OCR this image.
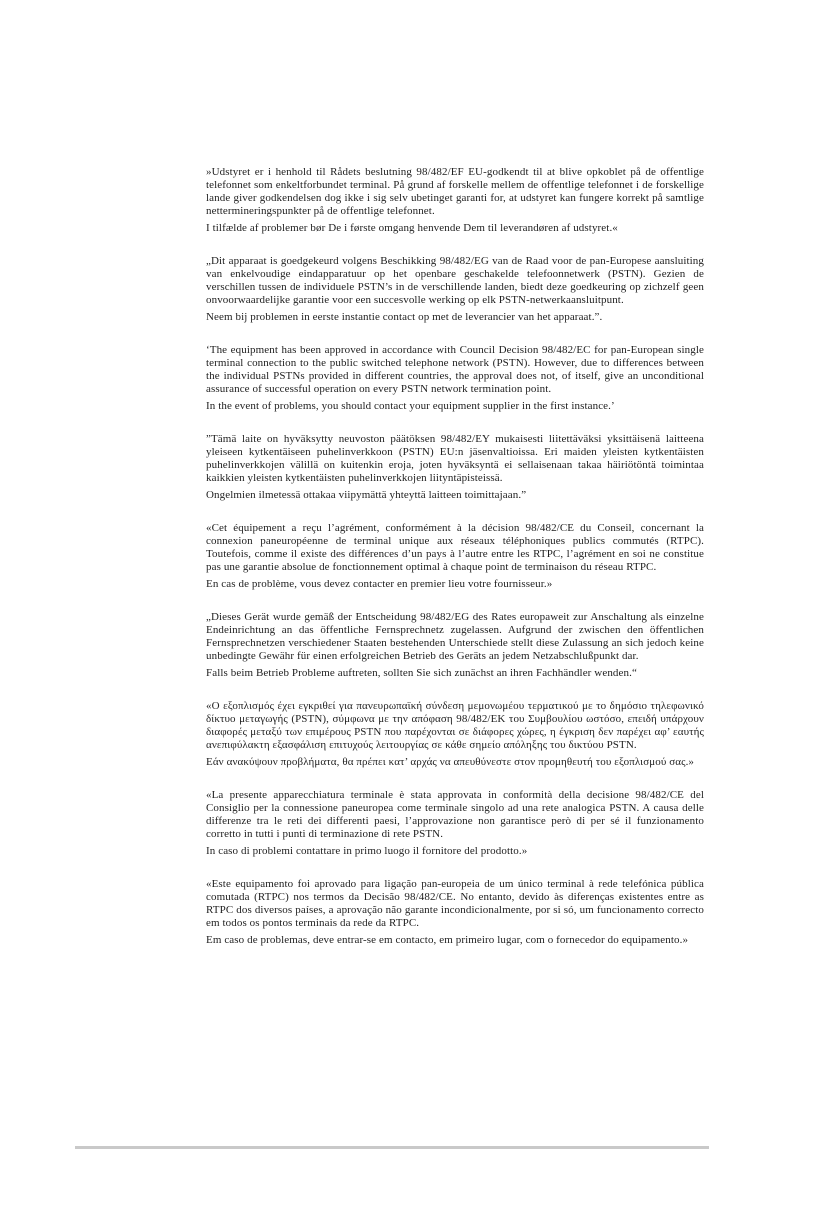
»Udstyret er i henhold til Rådets beslutning 98/482/EF EU-godkendt til at blive opkoblet på de offentlige telefonnet som enkeltforbundet terminal. På grund af forskelle mellem de offentlige telefonnet i de forskellige lande giver godkendelsen dog ikke i sig selv ubetinget garanti for, at udstyret kan fungere korrekt på samtlige nettermineringspunkter på de offentlige telefonnet.

I tilfælde af problemer bør De i første omgang henvende Dem til leverandøren af udstyret.«

„Dit apparaat is goedgekeurd volgens Beschikking 98/482/EG van de Raad voor de pan-Europese aansluiting van enkelvoudige eindapparatuur op het openbare geschakelde telefoonnetwerk (PSTN). Gezien de verschillen tussen de individuele PSTN’s in de verschillende landen, biedt deze goedkeuring op zichzelf geen onvoorwaardelijke garantie voor een succesvolle werking op elk PSTN-netwerkaansluitpunt.

Neem bij problemen in eerste instantie contact op met de leverancier van het apparaat.”.

‘The equipment has been approved in accordance with Council Decision 98/482/EC for pan-European single terminal connection to the public switched telephone network (PSTN). However, due to differences between the individual PSTNs provided in different countries, the approval does not, of itself, give an unconditional assurance of successful operation on every PSTN network termination point.

In the event of problems, you should contact your equipment supplier in the first instance.’

”Tämä laite on hyväksytty neuvoston päätöksen 98/482/EY mukaisesti liitettäväksi yksittäisenä laitteena yleiseen kytkentäiseen puhelinverkkoon (PSTN) EU:n jäsenvaltioissa. Eri maiden yleisten kytkentäisten puhelinverkkojen välillä on kuitenkin eroja, joten hyväksyntä ei sellaisenaan takaa häiriötöntä toimintaa kaikkien yleisten kytkentäisten puhelinverkkojen liityntäpisteissä.

Ongelmien ilmetessä ottakaa viipymättä yhteyttä laitteen toimittajaan.”

«Cet équipement a reçu l’agrément, conformément à la décision 98/482/CE du Conseil, concernant la connexion paneuropéenne de terminal unique aux réseaux téléphoniques publics commutés (RTPC). Toutefois, comme il existe des différences d’un pays à l’autre entre les RTPC, l’agrément en soi ne constitue pas une garantie absolue de fonctionnement optimal à chaque point de terminaison du réseau RTPC.

En cas de problème, vous devez contacter en premier lieu votre fournisseur.»

„Dieses Gerät wurde gemäß der Entscheidung 98/482/EG des Rates europaweit zur Anschaltung als einzelne Endeinrichtung an das öffentliche Fernsprechnetz zugelassen. Aufgrund der zwischen den öffentlichen Fernsprechnetzen verschiedener Staaten bestehenden Unterschiede stellt diese Zulassung an sich jedoch keine unbedingte Gewähr für einen erfolgreichen Betrieb des Geräts an jedem Netzabschlußpunkt dar.

Falls beim Betrieb Probleme auftreten, sollten Sie sich zunächst an ihren Fachhändler wenden.“

«Ο εξοπλισμός έχει εγκριθεί για πανευρωπαϊκή σύνδεση μεμονωμέου τερματικού με το δημόσιο τηλεφωνικό δίκτυο μεταγωγής (PSTN), σύμφωνα με την απόφαση 98/482/ΕΚ του Συμβουλίου ωστόσο, επειδή υπάρχουν διαφορές μεταξύ των επιμέρους PSTN που παρέχονται σε διάφορες χώρες, η έγκριση δεν παρέχει αφ’ εαυτής ανεπιφύλακτη εξασφάλιση επιτυχούς λειτουργίας σε κάθε σημείο απόληξης του δικτύου PSTN.

Εάν ανακύψουν προβλήματα, θα πρέπει κατ’ αρχάς να απευθύνεστε στον προμηθευτή του εξοπλισμού σας.»

«La presente apparecchiatura terminale è stata approvata in conformità della decisione 98/482/CE del Consiglio per la connessione paneuropea come terminale singolo ad una rete analogica PSTN. A causa delle differenze tra le reti dei differenti paesi, l’approvazione non garantisce però di per sé il funzionamento corretto in tutti i punti di terminazione di rete PSTN.

In caso di problemi contattare in primo luogo il fornitore del prodotto.»

«Este equipamento foi aprovado para ligação pan-europeia de um único terminal à rede telefónica pública comutada (RTPC) nos termos da Decisão 98/482/CE. No entanto, devido às diferenças existentes entre as RTPC dos diversos países, a aprovação não garante incondicionalmente, por si só, um funcionamento correcto em todos os pontos terminais da rede da RTPC.

Em caso de problemas, deve entrar-se em contacto, em primeiro lugar, com o fornecedor do equipamento.»
